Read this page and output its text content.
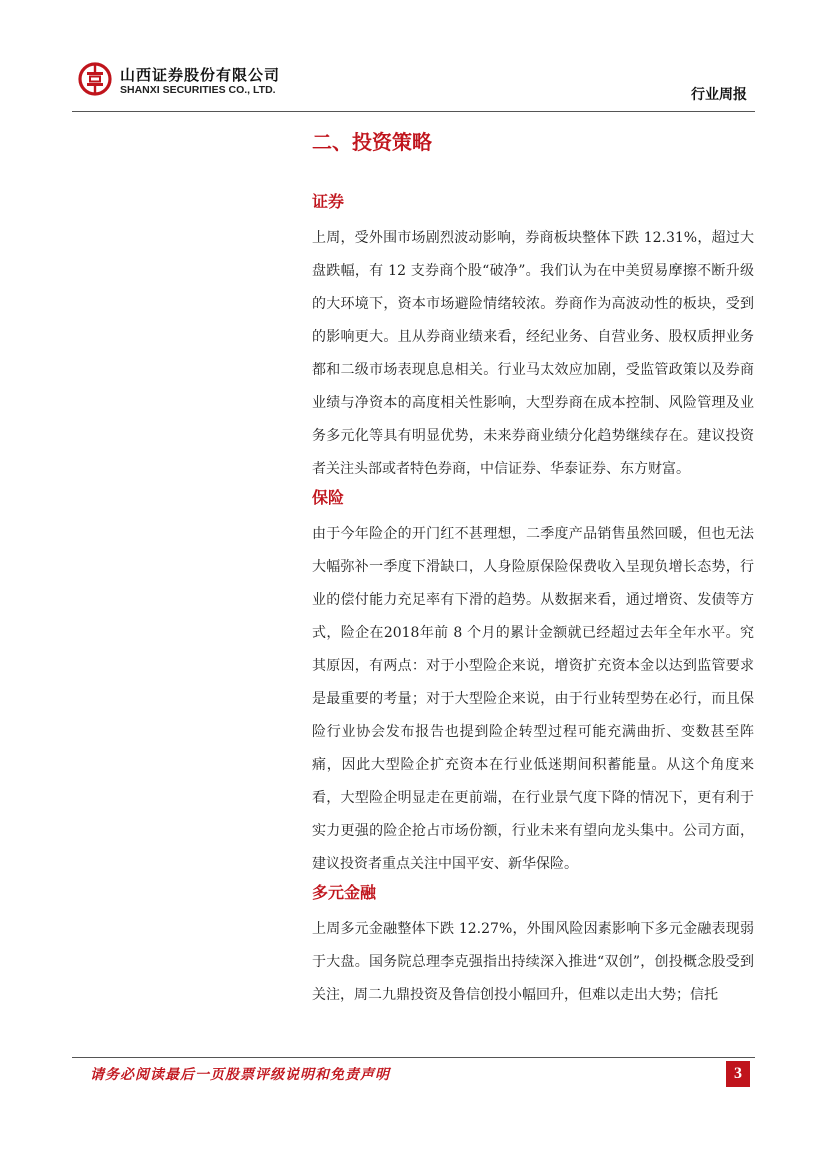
山西证券股份有限公司
SHANXI SECURITIES CO., LTD.	行业周报
二、投资策略
证券

上周，受外围市场剧烈波动影响，券商板块整体下跌 12.31%，超过大盘跌幅，有 12 支券商个股“破净”。我们认为在中美贸易摩擦不断升级的大环境下，资本市场避险情绪较浓。券商作为高波动性的板块，受到的影响更大。且从券商业绩来看，经纪业务、自营业务、股权质押业务都和二级市场表现息息相关。行业马太效应加剧，受监管政策以及券商业绩与净资本的高度相关性影响，大型券商在成本控制、风险管理及业务多元化等具有明显优势，未来券商业绩分化趋势继续存在。建议投资者关注头部或者特色券商，中信证券、华泰证券、东方财富。

保险

由于今年险企的开门红不甚理想，二季度产品销售虽然回暖，但也无法大幅弥补一季度下滑缺口，人身险原保险保费收入呈现负增长态势，行业的偿付能力充足率有下滑的趋势。从数据来看，通过增资、发债等方式，险企在2018年前 8 个月的累计金额就已经超过去年全年水平。究其原因，有两点：对于小型险企来说，增资扩充资本金以达到监管要求是最重要的考量；对于大型险企来说，由于行业转型势在必行，而且保险行业协会发布报告也提到险企转型过程可能充满曲折、变数甚至阵痛，因此大型险企扩充资本在行业低迷期间积蓄能量。从这个角度来看，大型险企明显走在更前端，在行业景气度下降的情况下，更有利于实力更强的险企抢占市场份额，行业未来有望向龙头集中。公司方面，建议投资者重点关注中国平安、新华保险。

多元金融

上周多元金融整体下跌 12.27%，外围风险因素影响下多元金融表现弱于大盘。国务院总理李克强指出持续深入推进“双创”，创投概念股受到关注，周二九鼎投资及鲁信创投小幅回升，但难以走出大势；信托

请务必阅读最后一页股票评级说明和免责声明	3
